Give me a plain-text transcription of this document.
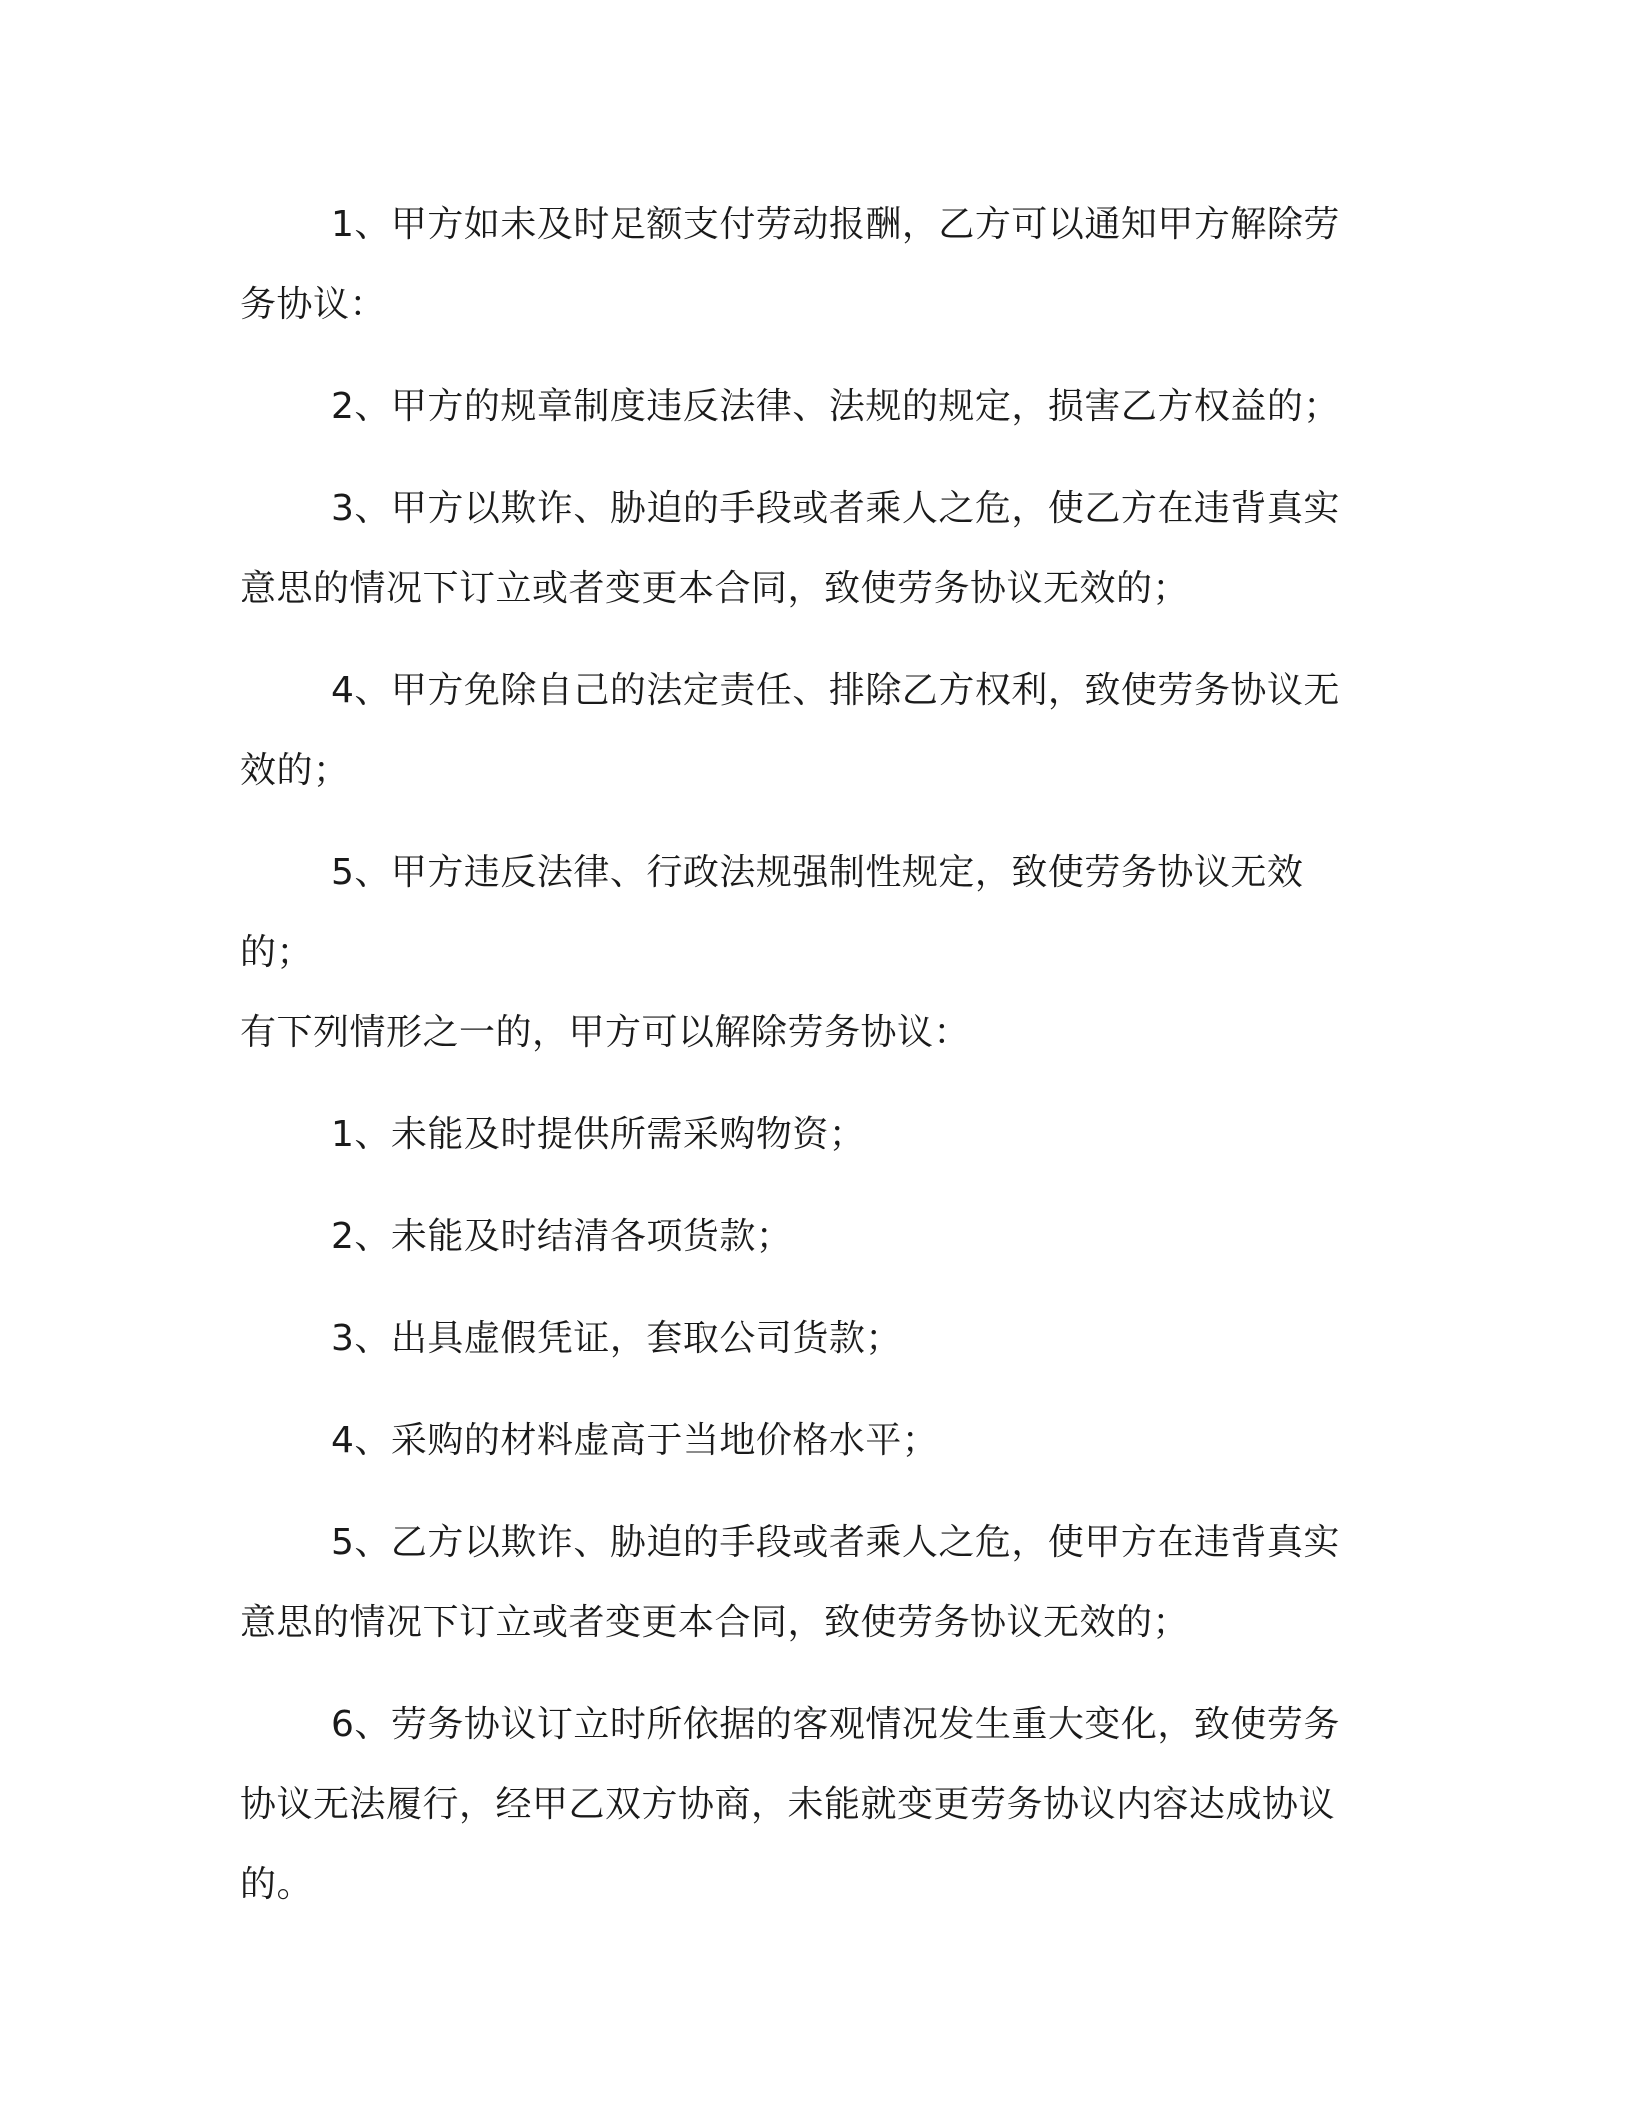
1、甲方如未及时足额支付劳动报酬，乙方可以通知甲方解除劳务协议：

2、甲方的规章制度违反法律、法规的规定，损害乙方权益的；

3、甲方以欺诈、胁迫的手段或者乘人之危，使乙方在违背真实意思的情况下订立或者变更本合同，致使劳务协议无效的；

4、甲方免除自己的法定责任、排除乙方权利，致使劳务协议无效的；

5、甲方违反法律、行政法规强制性规定，致使劳务协议无效的；

有下列情形之一的，甲方可以解除劳务协议：

1、未能及时提供所需采购物资；

2、未能及时结清各项货款；

3、出具虚假凭证，套取公司货款；

4、采购的材料虚高于当地价格水平；

5、乙方以欺诈、胁迫的手段或者乘人之危，使甲方在违背真实意思的情况下订立或者变更本合同，致使劳务协议无效的；

6、劳务协议订立时所依据的客观情况发生重大变化，致使劳务协议无法履行，经甲乙双方协商，未能就变更劳务协议内容达成协议的。
